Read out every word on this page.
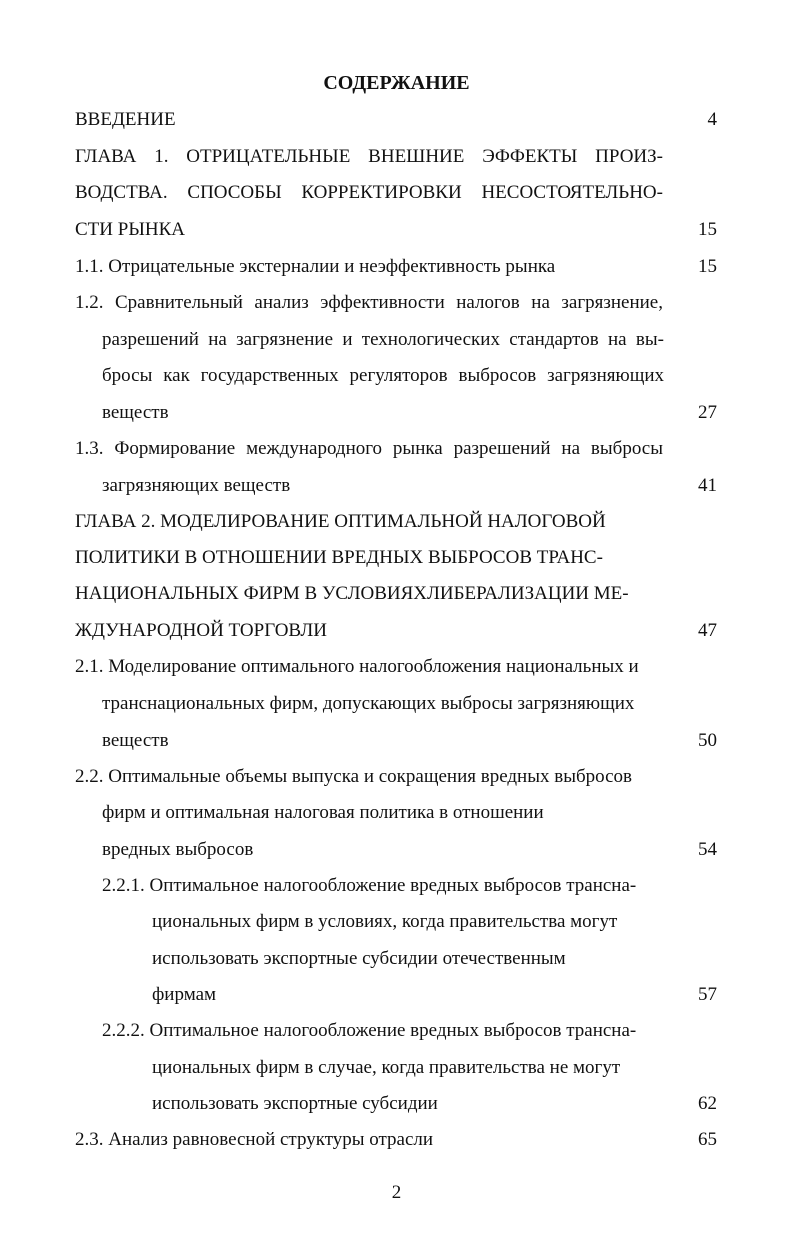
СОДЕРЖАНИЕ
ВВЕДЕНИЕ	4
ГЛАВА 1. ОТРИЦАТЕЛЬНЫЕ ВНЕШНИЕ ЭФФЕКТЫ ПРОИЗ-
ВОДСТВА. СПОСОБЫ КОРРЕКТИРОВКИ НЕСОСТОЯТЕЛЬНО-
СТИ РЫНКА	15
1.1. Отрицательные экстерналии и неэффективность рынка	15
1.2. Сравнительный анализ эффективности налогов на загрязнение,
разрешений на загрязнение и технологических стандартов на вы-
бросы как государственных регуляторов выбросов загрязняющих
веществ	27
1.3. Формирование международного рынка разрешений на выбросы
загрязняющих веществ	41
ГЛАВА 2. МОДЕЛИРОВАНИЕ ОПТИМАЛЬНОЙ НАЛОГОВОЙ
ПОЛИТИКИ В ОТНОШЕНИИ ВРЕДНЫХ ВЫБРОСОВ ТРАНС-
НАЦИОНАЛЬНЫХ ФИРМ В УСЛОВИЯХЛИБЕРАЛИЗАЦИИ МЕ-
ЖДУНАРОДНОЙ ТОРГОВЛИ	47
2.1. Моделирование оптимального налогообложения национальных и
транснациональных фирм, допускающих выбросы загрязняющих
веществ	50
2.2. Оптимальные объемы выпуска и сокращения вредных выбросов
фирм и оптимальная налоговая политика в отношении
вредных выбросов	54
2.2.1. Оптимальное налогообложение вредных выбросов трансна-
циональных фирм в условиях, когда правительства могут
использовать экспортные субсидии отечественным
фирмам	57
2.2.2. Оптимальное налогообложение вредных выбросов трансна-
циональных фирм в случае, когда правительства не могут
использовать экспортные субсидии	62
2.3. Анализ равновесной структуры отрасли	65
2
